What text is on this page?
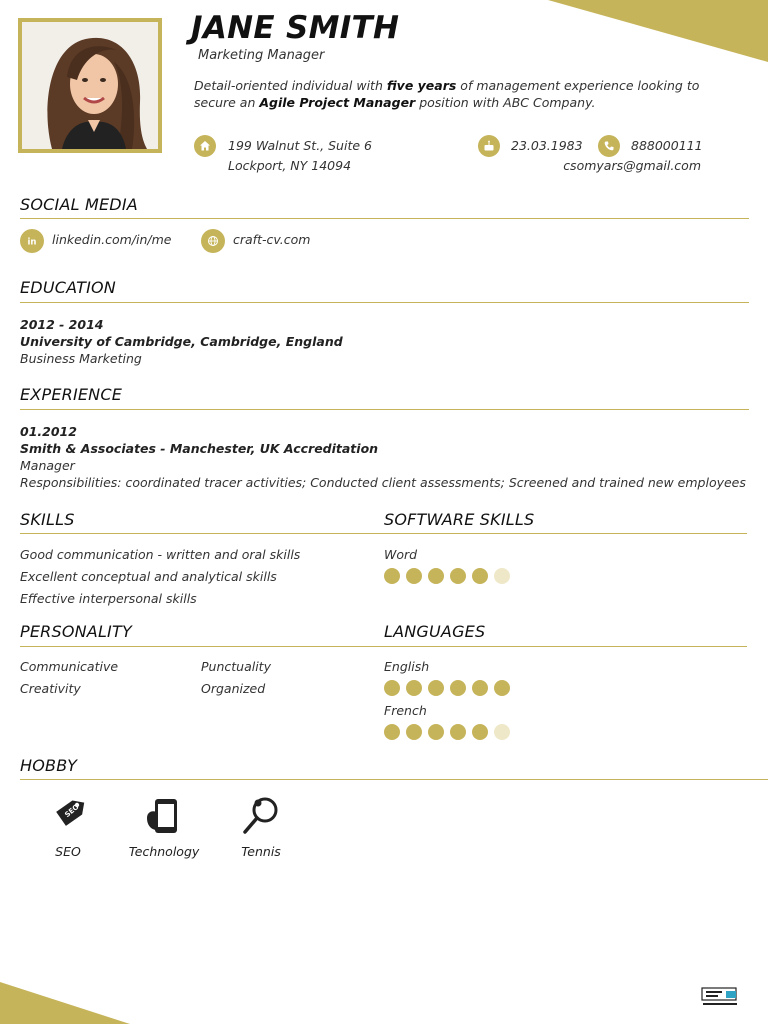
JANE SMITH
Marketing Manager
Detail-oriented individual with five years of management experience looking to secure an Agile Project Manager position with ABC Company.
199 Walnut St., Suite 6
Lockport, NY 14094
23.03.1983	888000111
csomyars@gmail.com
SOCIAL MEDIA
in linkedin.com/in/me	craft-cv.com
EDUCATION
2012 - 2014
University of Cambridge, Cambridge, England
Business Marketing
EXPERIENCE
01.2012
Smith & Associates - Manchester, UK Accreditation
Manager
Responsibilities: coordinated tracer activities; Conducted client assessments; Screened and trained new employees
SKILLS
Good communication - written and oral skills
Excellent conceptual and analytical skills
Effective interpersonal skills
SOFTWARE SKILLS
Word
PERSONALITY
Communicative	Punctuality
Creativity	Organized
LANGUAGES
English
French
HOBBY
SEO
SEO	Technology	Tennis
